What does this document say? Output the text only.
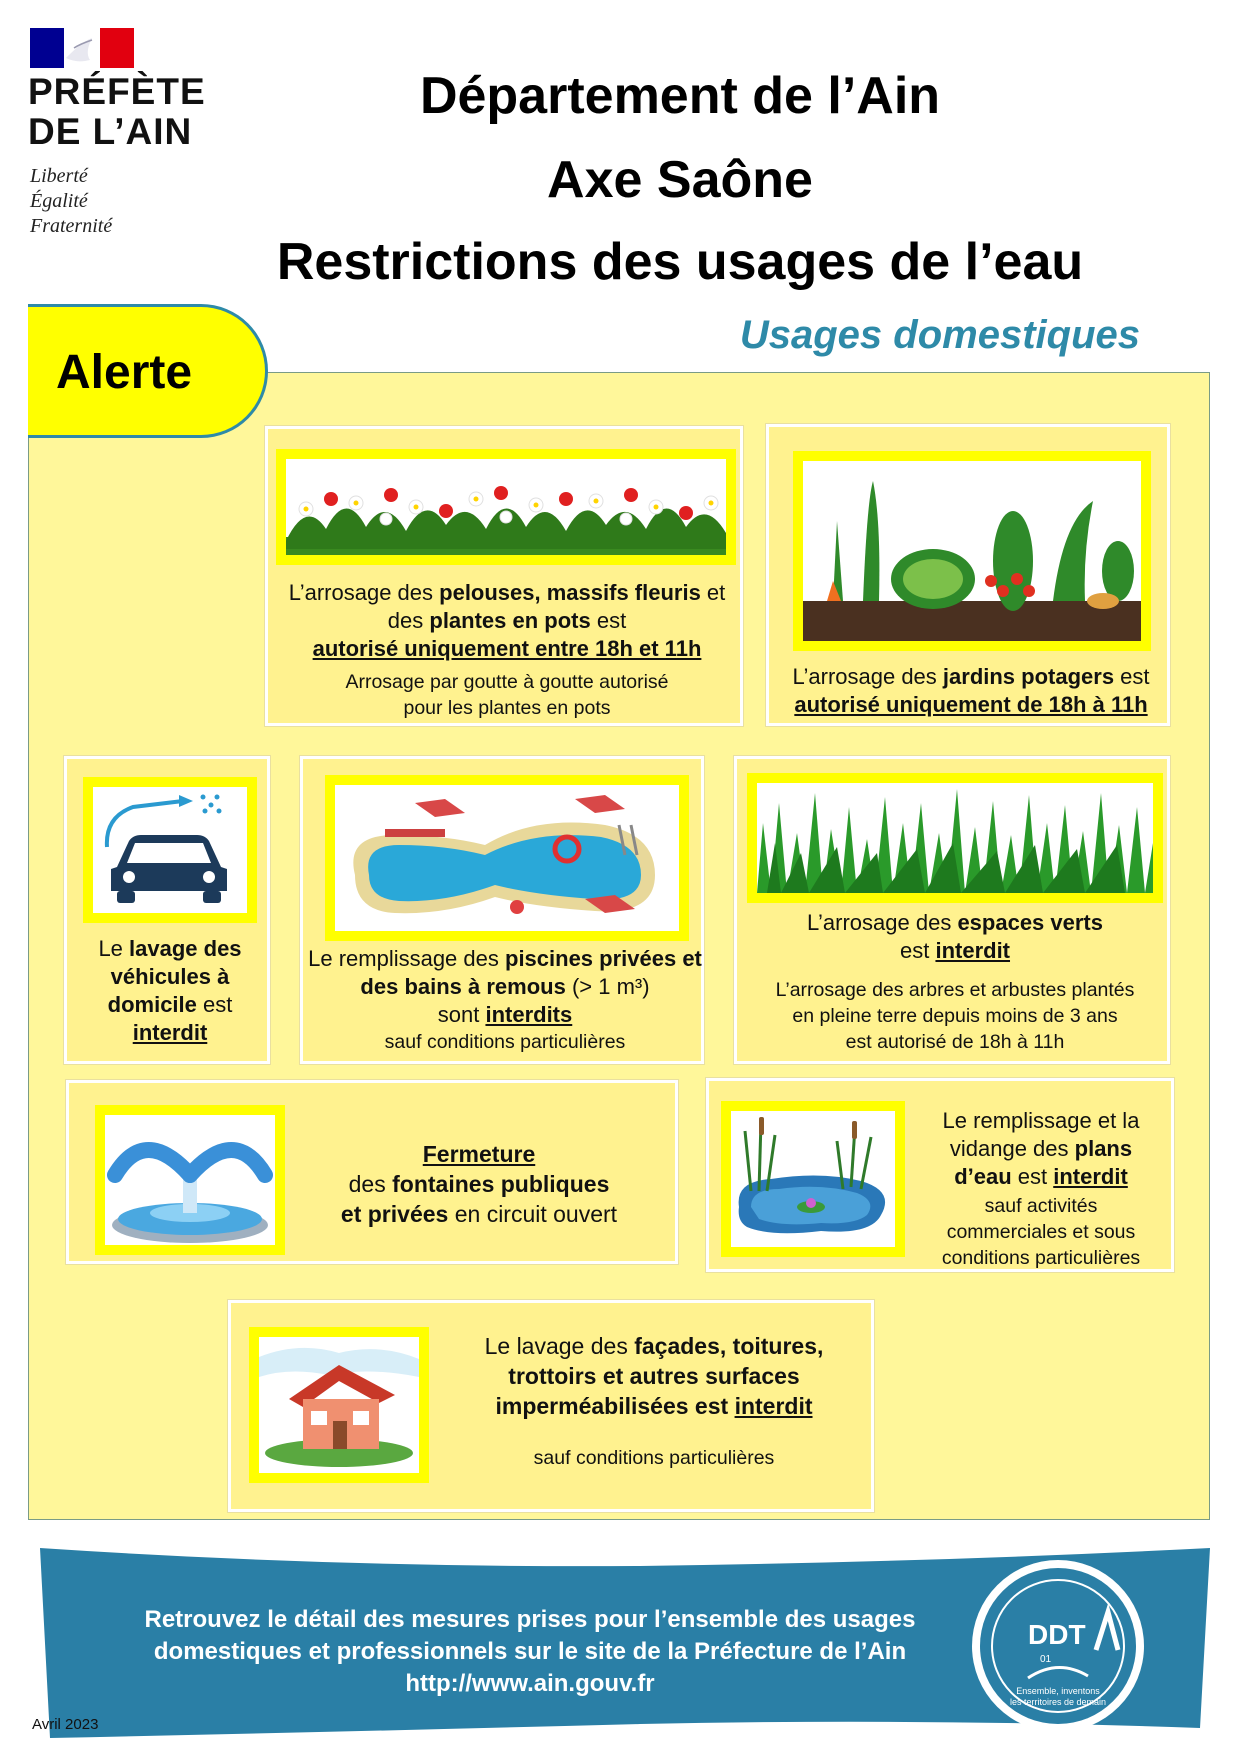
PRÉFÈTE
DE L’AIN
Liberté
Égalité
Fraternité
Département de l’Ain
Axe Saône
Restrictions des usages de l’eau
Usages domestiques
Alerte
L’arrosage des pelouses, massifs fleuris et des plantes en pots est
autorisé uniquement entre 18h et 11h
Arrosage par goutte à goutte autorisé
pour les plantes en pots
L’arrosage des jardins potagers est
autorisé uniquement de 18h à 11h
Le lavage des véhicules à domicile est
interdit
Le remplissage des piscines privées et des bains à remous (> 1 m³)
sont interdits
sauf conditions particulières
L’arrosage des espaces verts
est interdit
L’arrosage des arbres et arbustes plantés
en pleine terre depuis moins de 3 ans
est autorisé de 18h à 11h
Fermeture
des fontaines publiques
et privées en circuit ouvert
Le remplissage et la
vidange des plans
d’eau est interdit
sauf activités
commerciales et sous
conditions particulières
Le lavage des façades, toitures,
trottoirs et autres surfaces
imperméabilisées est interdit
sauf conditions particulières
Retrouvez le détail des mesures prises pour l’ensemble des usages
domestiques et professionnels sur le site de la Préfecture de l’Ain
http://www.ain.gouv.fr
DDT
01
Ensemble, inventons
les territoires de demain
Avril 2023
